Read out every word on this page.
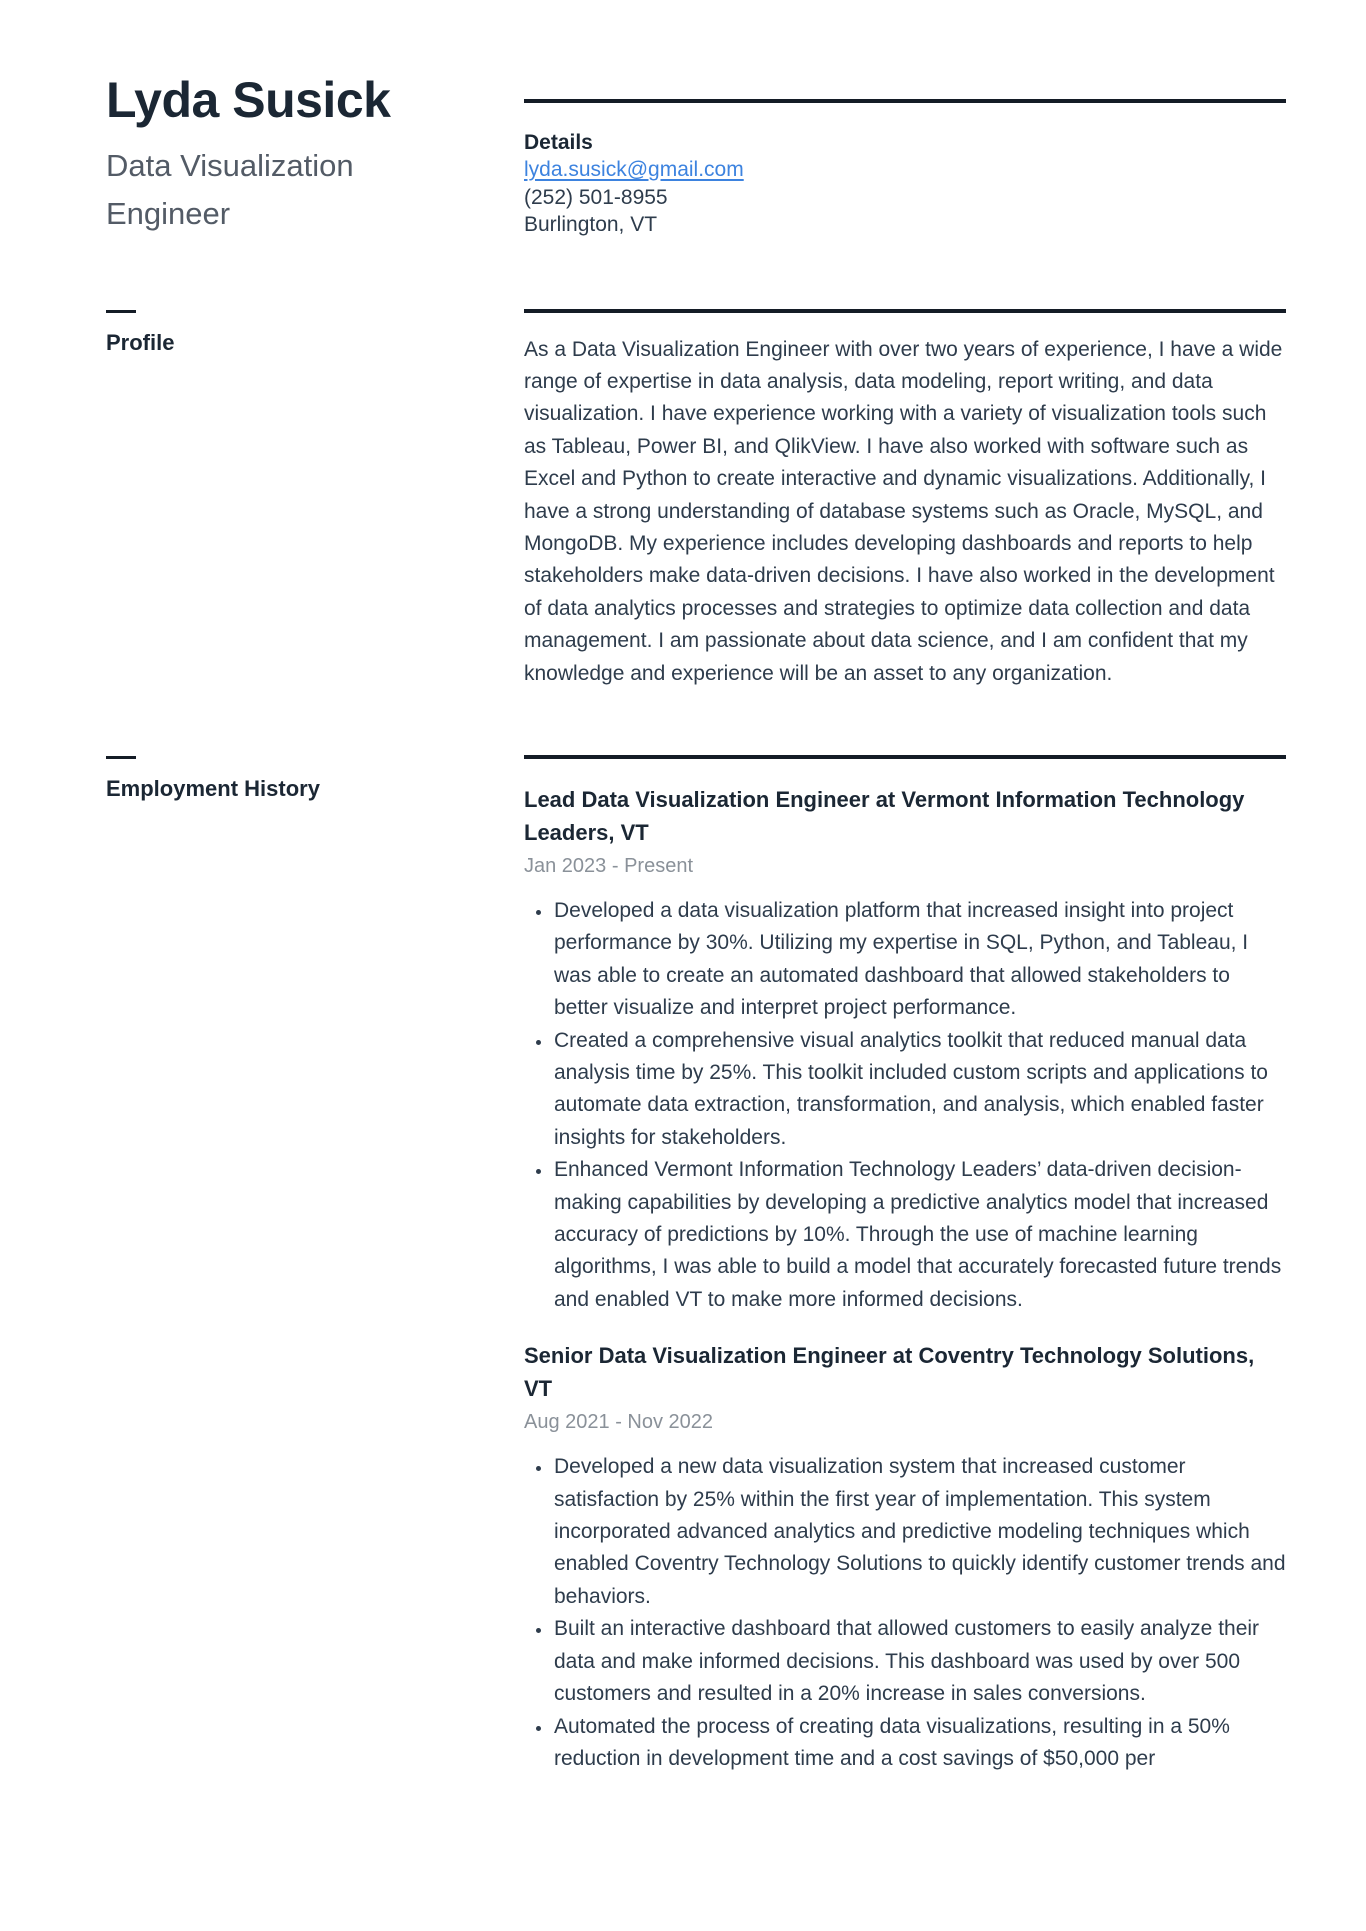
Lyda Susick
Data Visualization Engineer
Details
lyda.susick@gmail.com
(252) 501-8955
Burlington, VT
Profile	As a Data Visualization Engineer with over two years of experience, I have a wide range of expertise in data analysis, data modeling, report writing, and data visualization. I have experience working with a variety of visualization tools such as Tableau, Power BI, and QlikView. I have also worked with software such as Excel and Python to create interactive and dynamic visualizations. Additionally, I have a strong understanding of database systems such as Oracle, MySQL, and MongoDB. My experience includes developing dashboards and reports to help stakeholders make data-driven decisions. I have also worked in the development of data analytics processes and strategies to optimize data collection and data management. I am passionate about data science, and I am confident that my knowledge and experience will be an asset to any organization.
Employment History	Lead Data Visualization Engineer at Vermont Information Technology Leaders, VT
Jan 2023 - Present
• Developed a data visualization platform that increased insight into project performance by 30%. Utilizing my expertise in SQL, Python, and Tableau, I was able to create an automated dashboard that allowed stakeholders to better visualize and interpret project performance.
• Created a comprehensive visual analytics toolkit that reduced manual data analysis time by 25%. This toolkit included custom scripts and applications to automate data extraction, transformation, and analysis, which enabled faster insights for stakeholders.
• Enhanced Vermont Information Technology Leaders’ data-driven decision-making capabilities by developing a predictive analytics model that increased accuracy of predictions by 10%. Through the use of machine learning algorithms, I was able to build a model that accurately forecasted future trends and enabled VT to make more informed decisions.
Senior Data Visualization Engineer at Coventry Technology Solutions, VT
Aug 2021 - Nov 2022
• Developed a new data visualization system that increased customer satisfaction by 25% within the first year of implementation. This system incorporated advanced analytics and predictive modeling techniques which enabled Coventry Technology Solutions to quickly identify customer trends and behaviors.
• Built an interactive dashboard that allowed customers to easily analyze their data and make informed decisions. This dashboard was used by over 500 customers and resulted in a 20% increase in sales conversions.
• Automated the process of creating data visualizations, resulting in a 50% reduction in development time and a cost savings of $50,000 per
